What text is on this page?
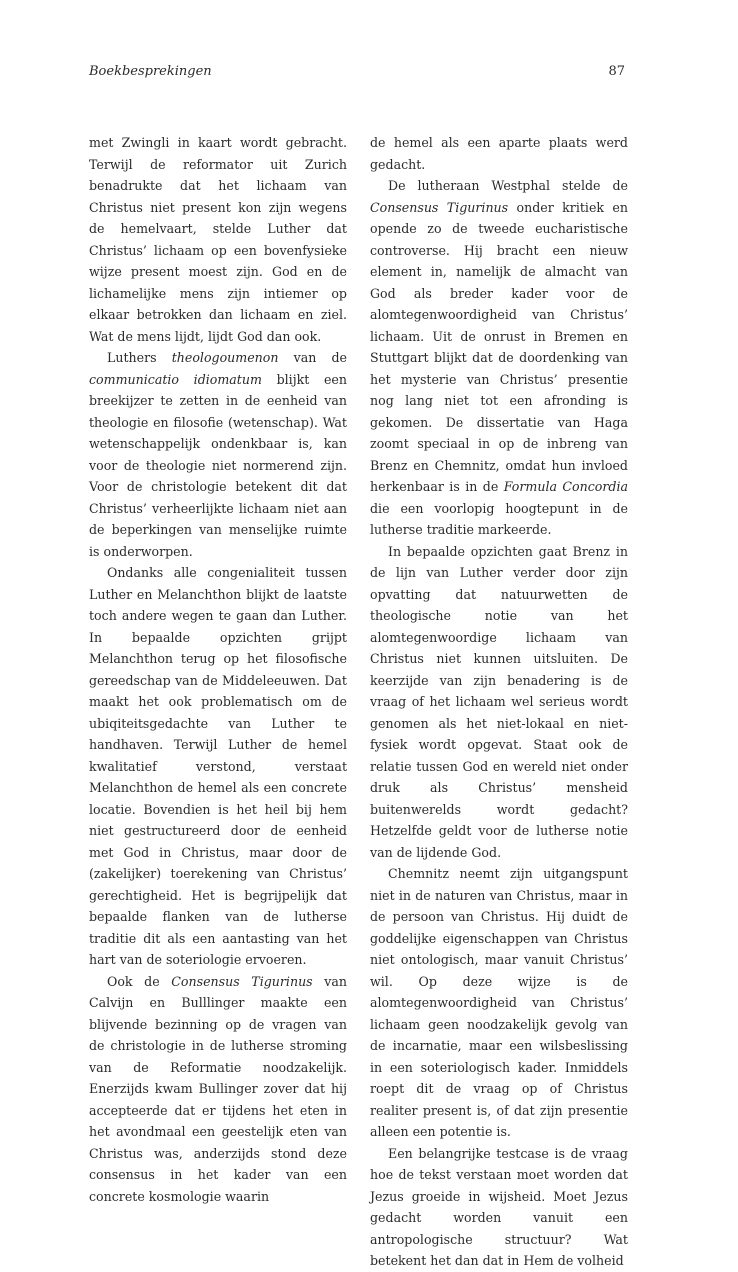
Boekbesprekingen	87

met Zwingli in kaart wordt gebracht. Terwijl de reformator uit Zurich benadrukte dat het lichaam van Christus niet present kon zijn wegens de hemelvaart, stelde Luther dat Christus’ lichaam op een bovenfysieke wijze present moest zijn. God en de lichamelijke mens zijn intiemer op elkaar betrokken dan lichaam en ziel. Wat de mens lijdt, lijdt God dan ook.

Luthers theologoumenon van de communicatio idiomatum blijkt een breekijzer te zetten in de eenheid van theologie en filosofie (wetenschap). Wat wetenschappelijk ondenkbaar is, kan voor de theologie niet normerend zijn. Voor de christologie betekent dit dat Christus’ verheerlijkte lichaam niet aan de beperkingen van menselijke ruimte is onderworpen.

Ondanks alle congenialiteit tussen Luther en Melanchthon blijkt de laatste toch andere wegen te gaan dan Luther. In bepaalde opzichten grijpt Melanchthon terug op het filosofische gereedschap van de Middeleeuwen. Dat maakt het ook problematisch om de ubiqiteitsgedachte van Luther te handhaven. Terwijl Luther de hemel kwalitatief verstond, verstaat Melanchthon de hemel als een concrete locatie. Bovendien is het heil bij hem niet gestructureerd door de eenheid met God in Christus, maar door de (zakelijker) toerekening van Christus’ gerechtigheid. Het is begrijpelijk dat bepaalde flanken van de lutherse traditie dit als een aantasting van het hart van de soteriologie ervoeren.

Ook de Consensus Tigurinus van Calvijn en Bulllinger maakte een blijvende bezinning op de vragen van de christologie in de lutherse stroming van de Reformatie noodzakelijk. Enerzijds kwam Bullinger zover dat hij accepteerde dat er tijdens het eten in het avondmaal een geestelijk eten van Christus was, anderzijds stond deze consensus in het kader van een concrete kosmologie waarin

de hemel als een aparte plaats werd gedacht.

De lutheraan Westphal stelde de Consensus Tigurinus onder kritiek en opende zo de tweede eucharistische controverse. Hij bracht een nieuw element in, namelijk de almacht van God als breder kader voor de alomtegenwoordigheid van Christus’ lichaam. Uit de onrust in Bremen en Stuttgart blijkt dat de doordenking van het mysterie van Christus’ presentie nog lang niet tot een afronding is gekomen. De dissertatie van Haga zoomt speciaal in op de inbreng van Brenz en Chemnitz, omdat hun invloed herkenbaar is in de Formula Concordia die een voorlopig hoogtepunt in de lutherse traditie markeerde.

In bepaalde opzichten gaat Brenz in de lijn van Luther verder door zijn opvatting dat natuurwetten de theologische notie van het alomtegenwoordige lichaam van Christus niet kunnen uitsluiten. De keerzijde van zijn benadering is de vraag of het lichaam wel serieus wordt genomen als het niet-lokaal en niet-fysiek wordt opgevat. Staat ook de relatie tussen God en wereld niet onder druk als Christus’ mensheid buitenwerelds wordt gedacht? Hetzelfde geldt voor de lutherse notie van de lijdende God.

Chemnitz neemt zijn uitgangspunt niet in de naturen van Christus, maar in de persoon van Christus. Hij duidt de goddelijke eigenschappen van Christus niet ontologisch, maar vanuit Christus’ wil. Op deze wijze is de alomtegenwoordigheid van Christus’ lichaam geen noodzakelijk gevolg van de incarnatie, maar een wilsbeslissing in een soteriologisch kader. Inmiddels roept dit de vraag op of Christus realiter present is, of dat zijn presentie alleen een potentie is.

Een belangrijke testcase is de vraag hoe de tekst verstaan moet worden dat Jezus groeide in wijsheid. Moet Jezus gedacht worden vanuit een antropologische structuur? Wat betekent het dan dat in Hem de volheid
